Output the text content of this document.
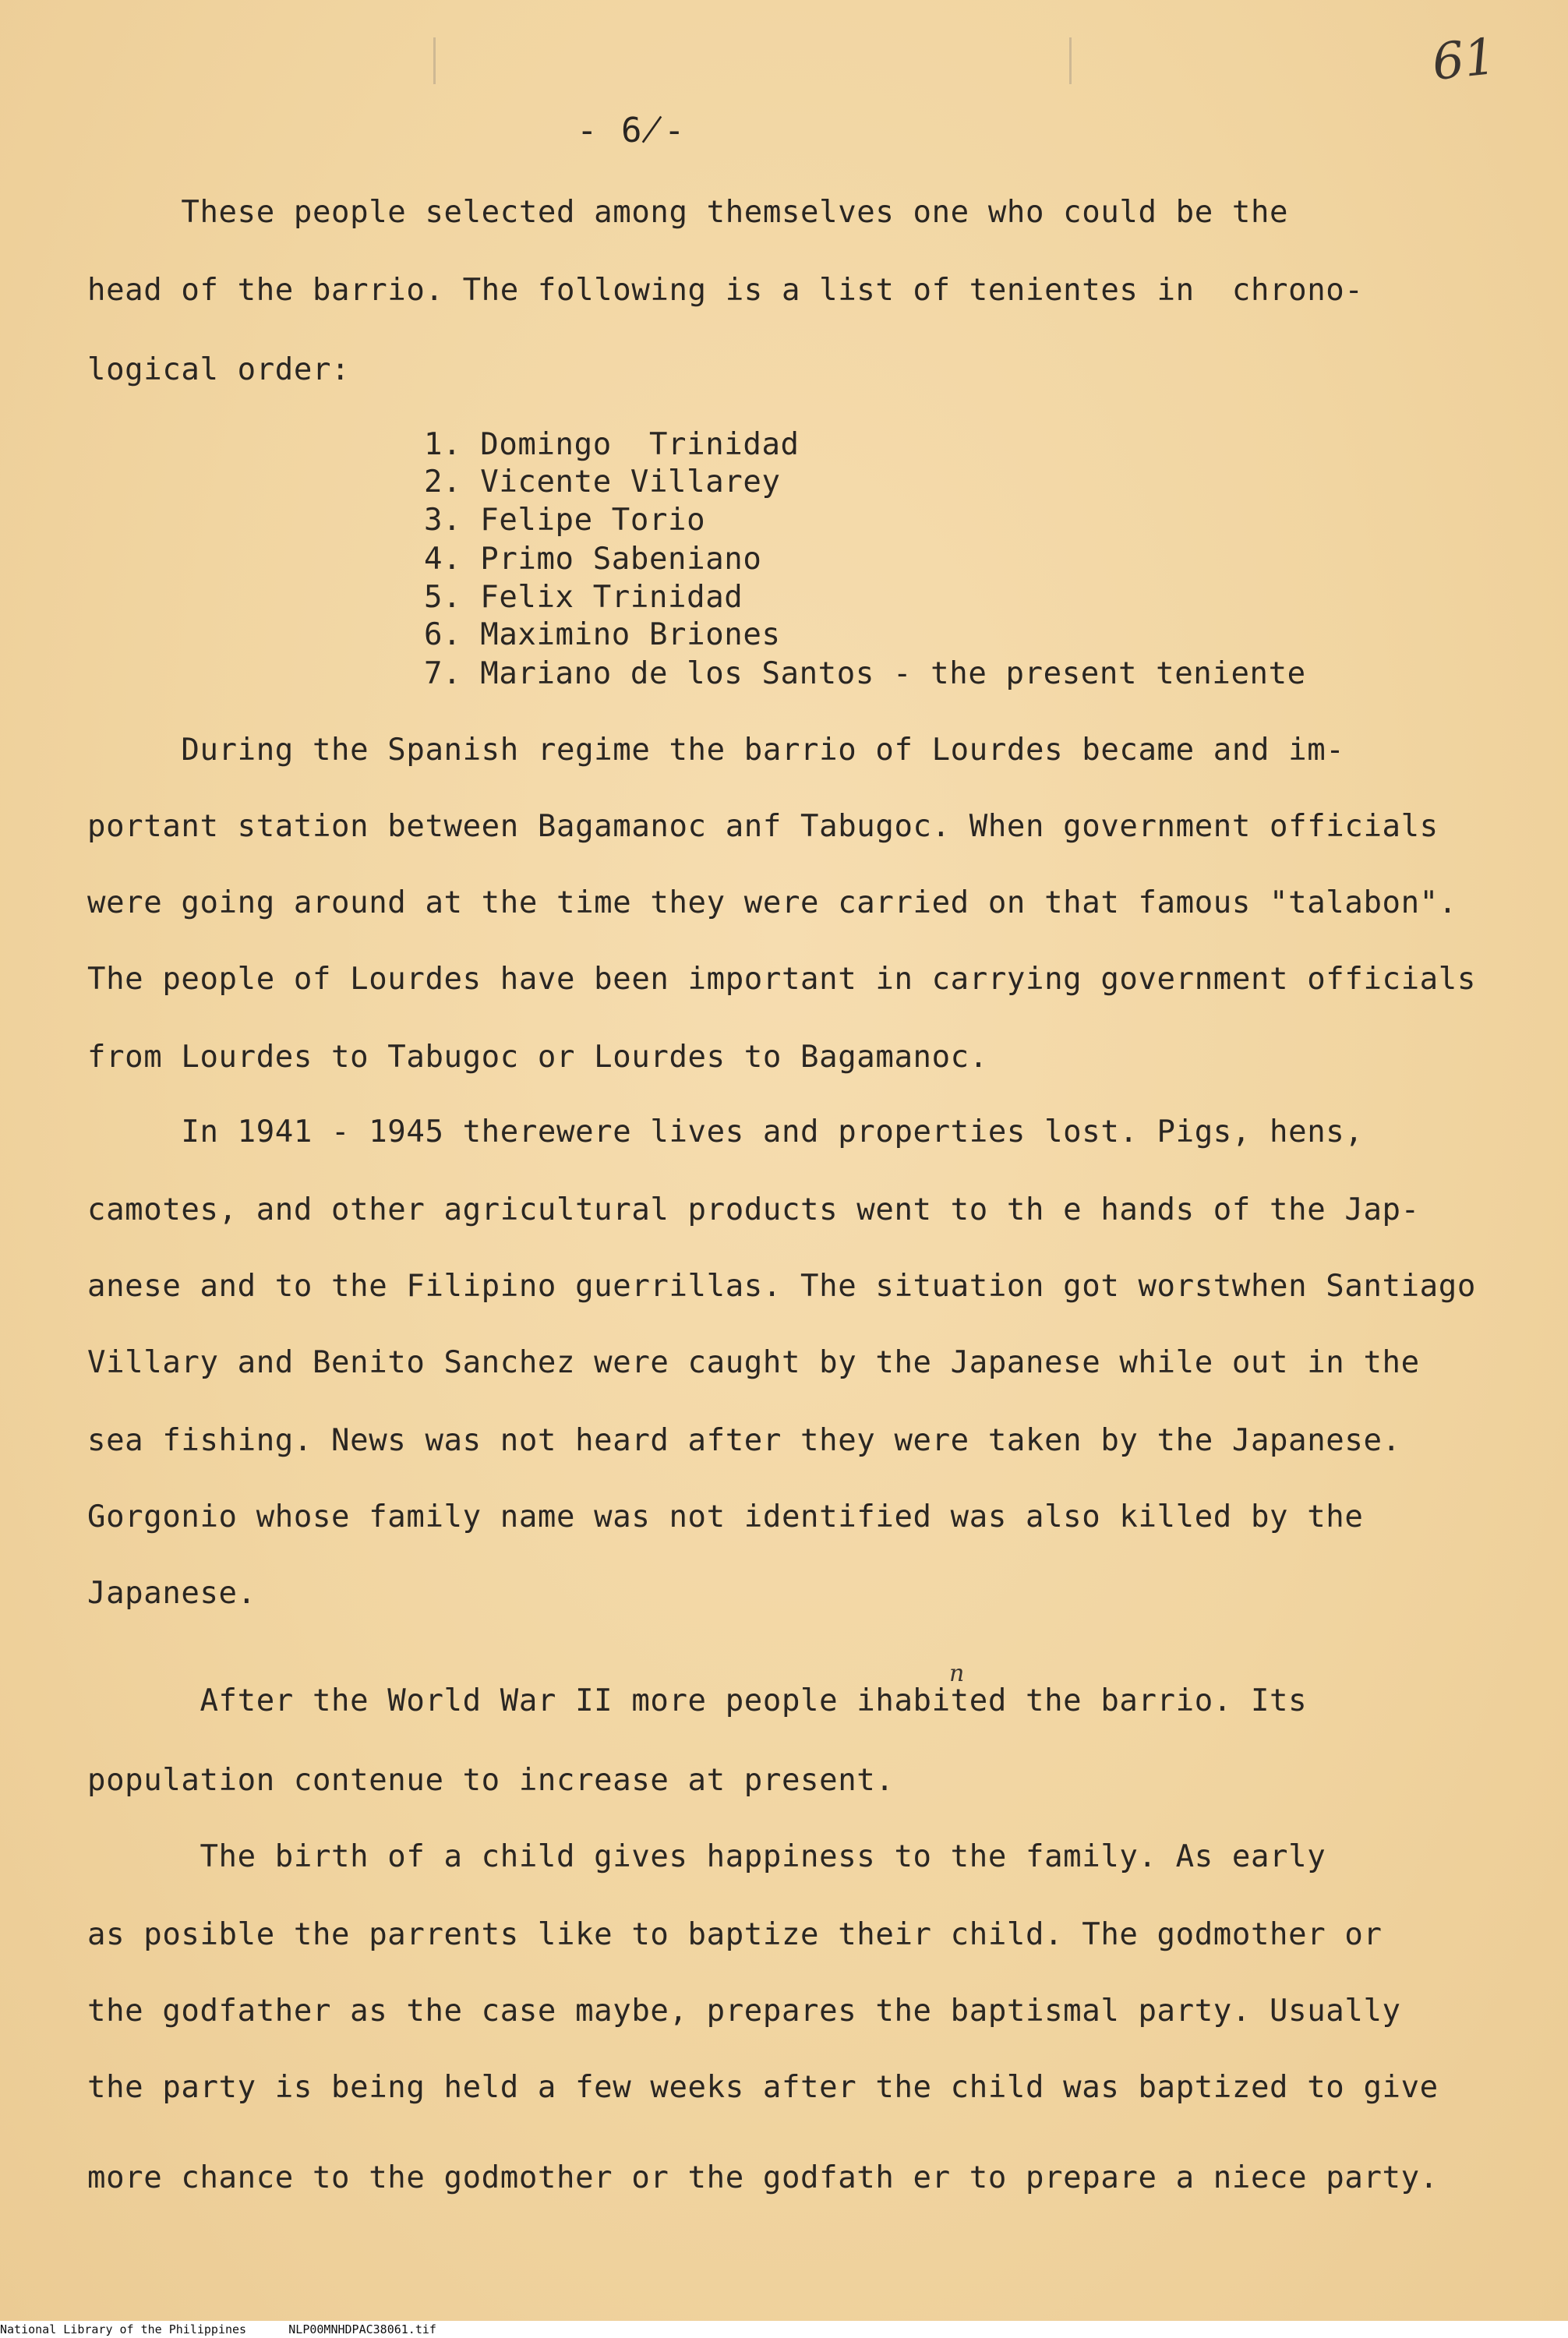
61
- 6̸-
These people selected among themselves one who could be the
head of the barrio. The following is a list of tenientes in  chrono-
logical order:
1. Domingo  Trinidad
2. Vicente Villarey
3. Felipe Torio
4. Primo Sabeniano
5. Felix Trinidad
6. Maximino Briones
7. Mariano de los Santos - the present teniente
During the Spanish regime the barrio of Lourdes became and im-
portant station between Bagamanoc anf Tabugoc. When government officials
were going around at the time they were carried on that famous "talabon".
The people of Lourdes have been important in carrying government officials
from Lourdes to Tabugoc or Lourdes to Bagamanoc.
In 1941 - 1945 therewere lives and properties lost. Pigs, hens,
camotes, and other agricultural products went to th e hands of the Jap-
anese and to the Filipino guerrillas. The situation got worstwhen Santiago
Villary and Benito Sanchez were caught by the Japanese while out in the
sea fishing. News was not heard after they were taken by the Japanese.
Gorgonio whose family name was not identified was also killed by the
Japanese.
n
After the World War II more people ihabited the barrio. Its
population contenue to increase at present.
The birth of a child gives happiness to the family. As early
as posible the parrents like to baptize their child. The godmother or
the godfather as the case maybe, prepares the baptismal party. Usually
the party is being held a few weeks after the child was baptized to give
more chance to the godmother or the godfath er to prepare a niece party.
National Library of the Philippines	NLP00MNHDPAC38061.tif
